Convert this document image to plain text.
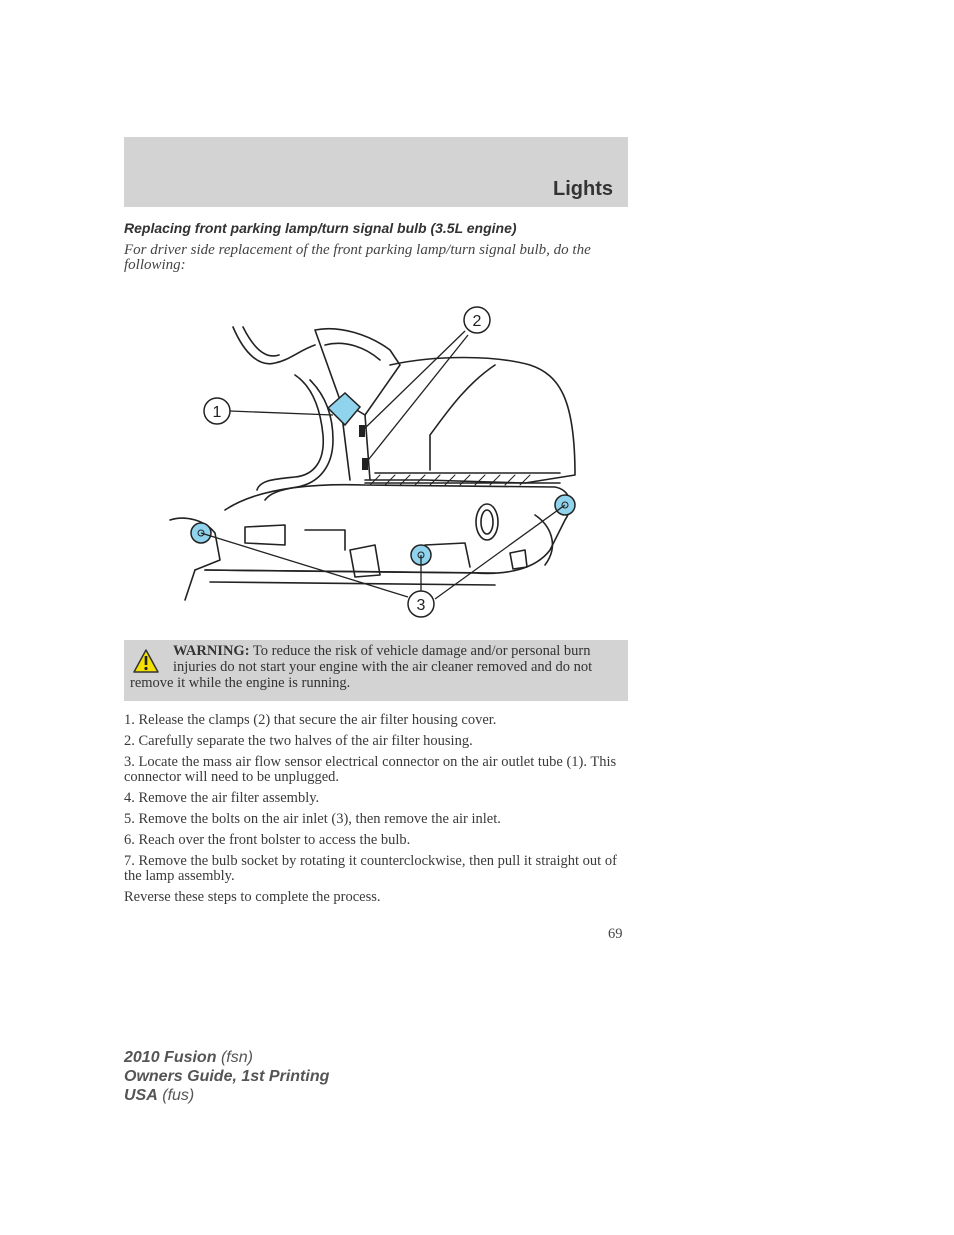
Lights
Replacing front parking lamp/turn signal bulb (3.5L engine)
For driver side replacement of the front parking lamp/turn signal bulb, do the following:
1
2
3
WARNING: To reduce the risk of vehicle damage and/or personal burn injuries do not start your engine with the air cleaner removed and do not remove it while the engine is running.
1. Release the clamps (2) that secure the air filter housing cover.
2. Carefully separate the two halves of the air filter housing.
3. Locate the mass air flow sensor electrical connector on the air outlet tube (1). This connector will need to be unplugged.
4. Remove the air filter assembly.
5. Remove the bolts on the air inlet (3), then remove the air inlet.
6. Reach over the front bolster to access the bulb.
7. Remove the bulb socket by rotating it counterclockwise, then pull it straight out of the lamp assembly.
Reverse these steps to complete the process.
69
2010 Fusion (fsn)
Owners Guide, 1st Printing
USA (fus)
